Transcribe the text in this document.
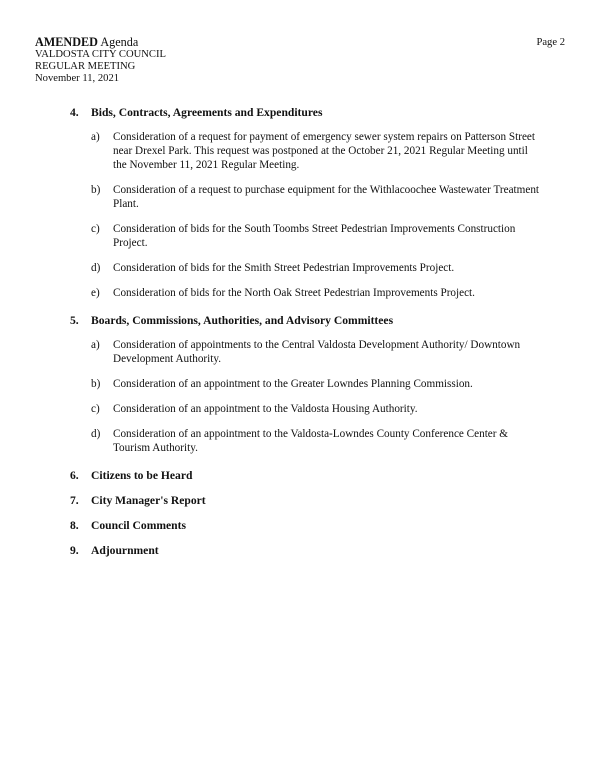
AMENDED Agenda
VALDOSTA CITY COUNCIL
REGULAR MEETING
November 11, 2021
Page 2
4.	Bids, Contracts, Agreements and Expenditures
a)	Consideration of a request for payment of emergency sewer system repairs on Patterson Street near Drexel Park. This request was postponed at the October 21, 2021 Regular Meeting until the November 11, 2021 Regular Meeting.
b)	Consideration of a request to purchase equipment for the Withlacoochee Wastewater Treatment Plant.
c)	Consideration of bids for the South Toombs Street Pedestrian Improvements Construction Project.
d)	Consideration of bids for the Smith Street Pedestrian Improvements Project.
e)	Consideration of bids for the North Oak Street Pedestrian Improvements Project.
5.	Boards, Commissions, Authorities, and Advisory Committees
a)	Consideration of appointments to the Central Valdosta Development Authority/ Downtown Development Authority.
b)	Consideration of an appointment to the Greater Lowndes Planning Commission.
c)	Consideration of an appointment to the Valdosta Housing Authority.
d)	Consideration of an appointment to the Valdosta-Lowndes County Conference Center & Tourism Authority.
6.	Citizens to be Heard
7.	City Manager's Report
8.	Council Comments
9.	Adjournment
